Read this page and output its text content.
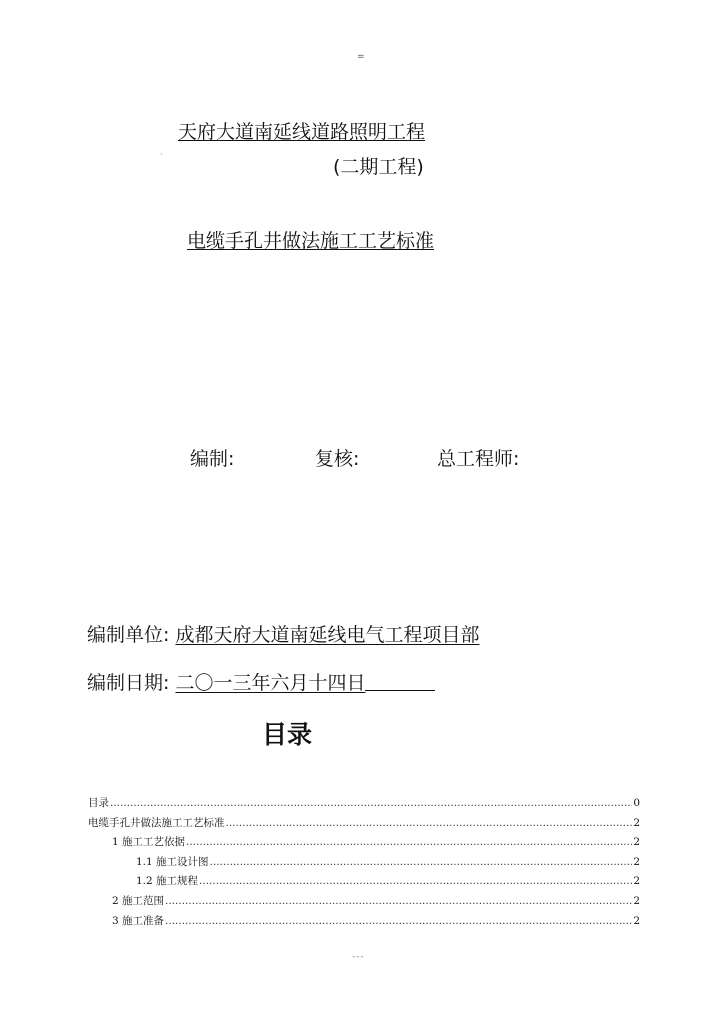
=
·
天府大道南延线道路照明工程
(二期工程)
电缆手孔井做法施工工艺标准
编制:	复核:	总工程师:
编制单位: 成都天府大道南延线电气工程项目部
编制日期: 二〇一三年六月十四日
目录
目录 .....	0
电缆手孔井做法施工工艺标准 .....	2
1 施工工艺依据 .....	2
1.1 施工设计图 .....	2
1.2 施工规程 .....	2
2 施工范围 .....	2
3 施工准备 .....	2
---
